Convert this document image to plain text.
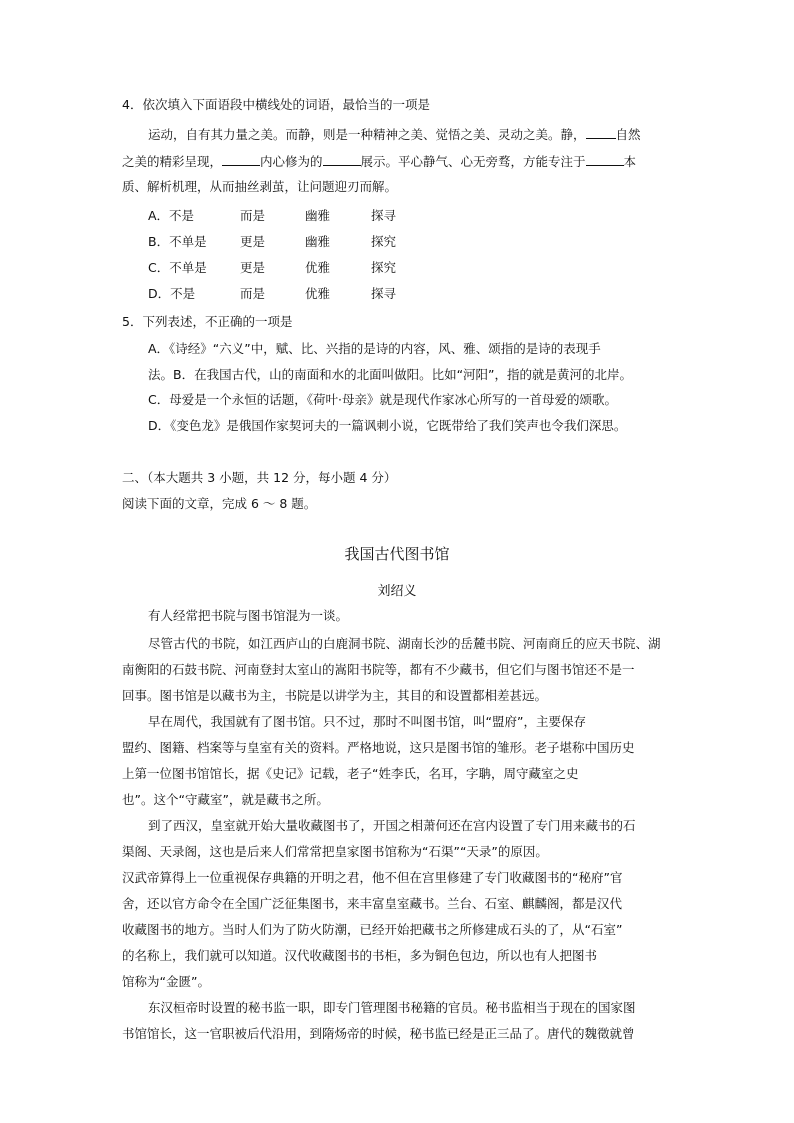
4．依次填入下面语段中横线处的词语，最恰当的一项是
运动，自有其力量之美。而静，则是一种精神之美、觉悟之美、灵动之美。静， 自然
之美的精彩呈现，	内心修为的	展示。平心静气、心无旁骛，方能专注于	本
质、解析机理，从而抽丝剥茧，让问题迎刃而解。
A．不是	而是	幽雅	探寻
B．不单是	更是	幽雅	探究
C．不单是	更是	优雅	探究
D．不是	而是	优雅	探寻
5．下列表述，不正确的一项是
A．《诗经》“六义”中，赋、比、兴指的是诗的内容，风、雅、颂指的是诗的表现手
法。B．在我国古代，山的南面和水的北面叫做阳。比如“河阳”，指的就是黄河的北岸。
C．母爱是一个永恒的话题，《荷叶·母亲》就是现代作家冰心所写的一首母爱的颂歌。
D．《变色龙》是俄国作家契诃夫的一篇讽刺小说，它既带给了我们笑声也令我们深思。
二、（本大题共 3 小题，共 12 分，每小题 4 分）
阅读下面的文章，完成 6 ～ 8 题。
我国古代图书馆
刘绍义
有人经常把书院与图书馆混为一谈。
尽管古代的书院，如江西庐山的白鹿洞书院、湖南长沙的岳麓书院、河南商丘的应天书院、湖
南衡阳的石鼓书院、河南登封太室山的嵩阳书院等，都有不少藏书，但它们与图书馆还不是一
回事。图书馆是以藏书为主，书院是以讲学为主，其目的和设置都相差甚远。
早在周代，我国就有了图书馆。只不过，那时不叫图书馆，叫“盟府”，主要保存
盟约、图籍、档案等与皇室有关的资料。严格地说，这只是图书馆的雏形。老子堪称中国历史
上第一位图书馆馆长，据《史记》记载，老子“姓李氏，名耳，字聃，周守藏室之史
也”。这个“守藏室”，就是藏书之所。
到了西汉，皇室就开始大量收藏图书了，开国之相萧何还在宫内设置了专门用来藏书的石
渠阁、天录阁，这也是后来人们常常把皇家图书馆称为“石渠”“天录”的原因。
汉武帝算得上一位重视保存典籍的开明之君，他不但在宫里修建了专门收藏图书的“秘府”官
舍，还以官方命令在全国广泛征集图书，来丰富皇室藏书。兰台、石室、麒麟阁，都是汉代
收藏图书的地方。当时人们为了防火防潮，已经开始把藏书之所修建成石头的了，从“石室”
的名称上，我们就可以知道。汉代收藏图书的书柜，多为铜色包边，所以也有人把图书
馆称为“金匮”。
东汉桓帝时设置的秘书监一职，即专门管理图书秘籍的官员。秘书监相当于现在的国家图
书馆馆长，这一官职被后代沿用，到隋炀帝的时候，秘书监已经是正三品了。唐代的魏徵就曾
